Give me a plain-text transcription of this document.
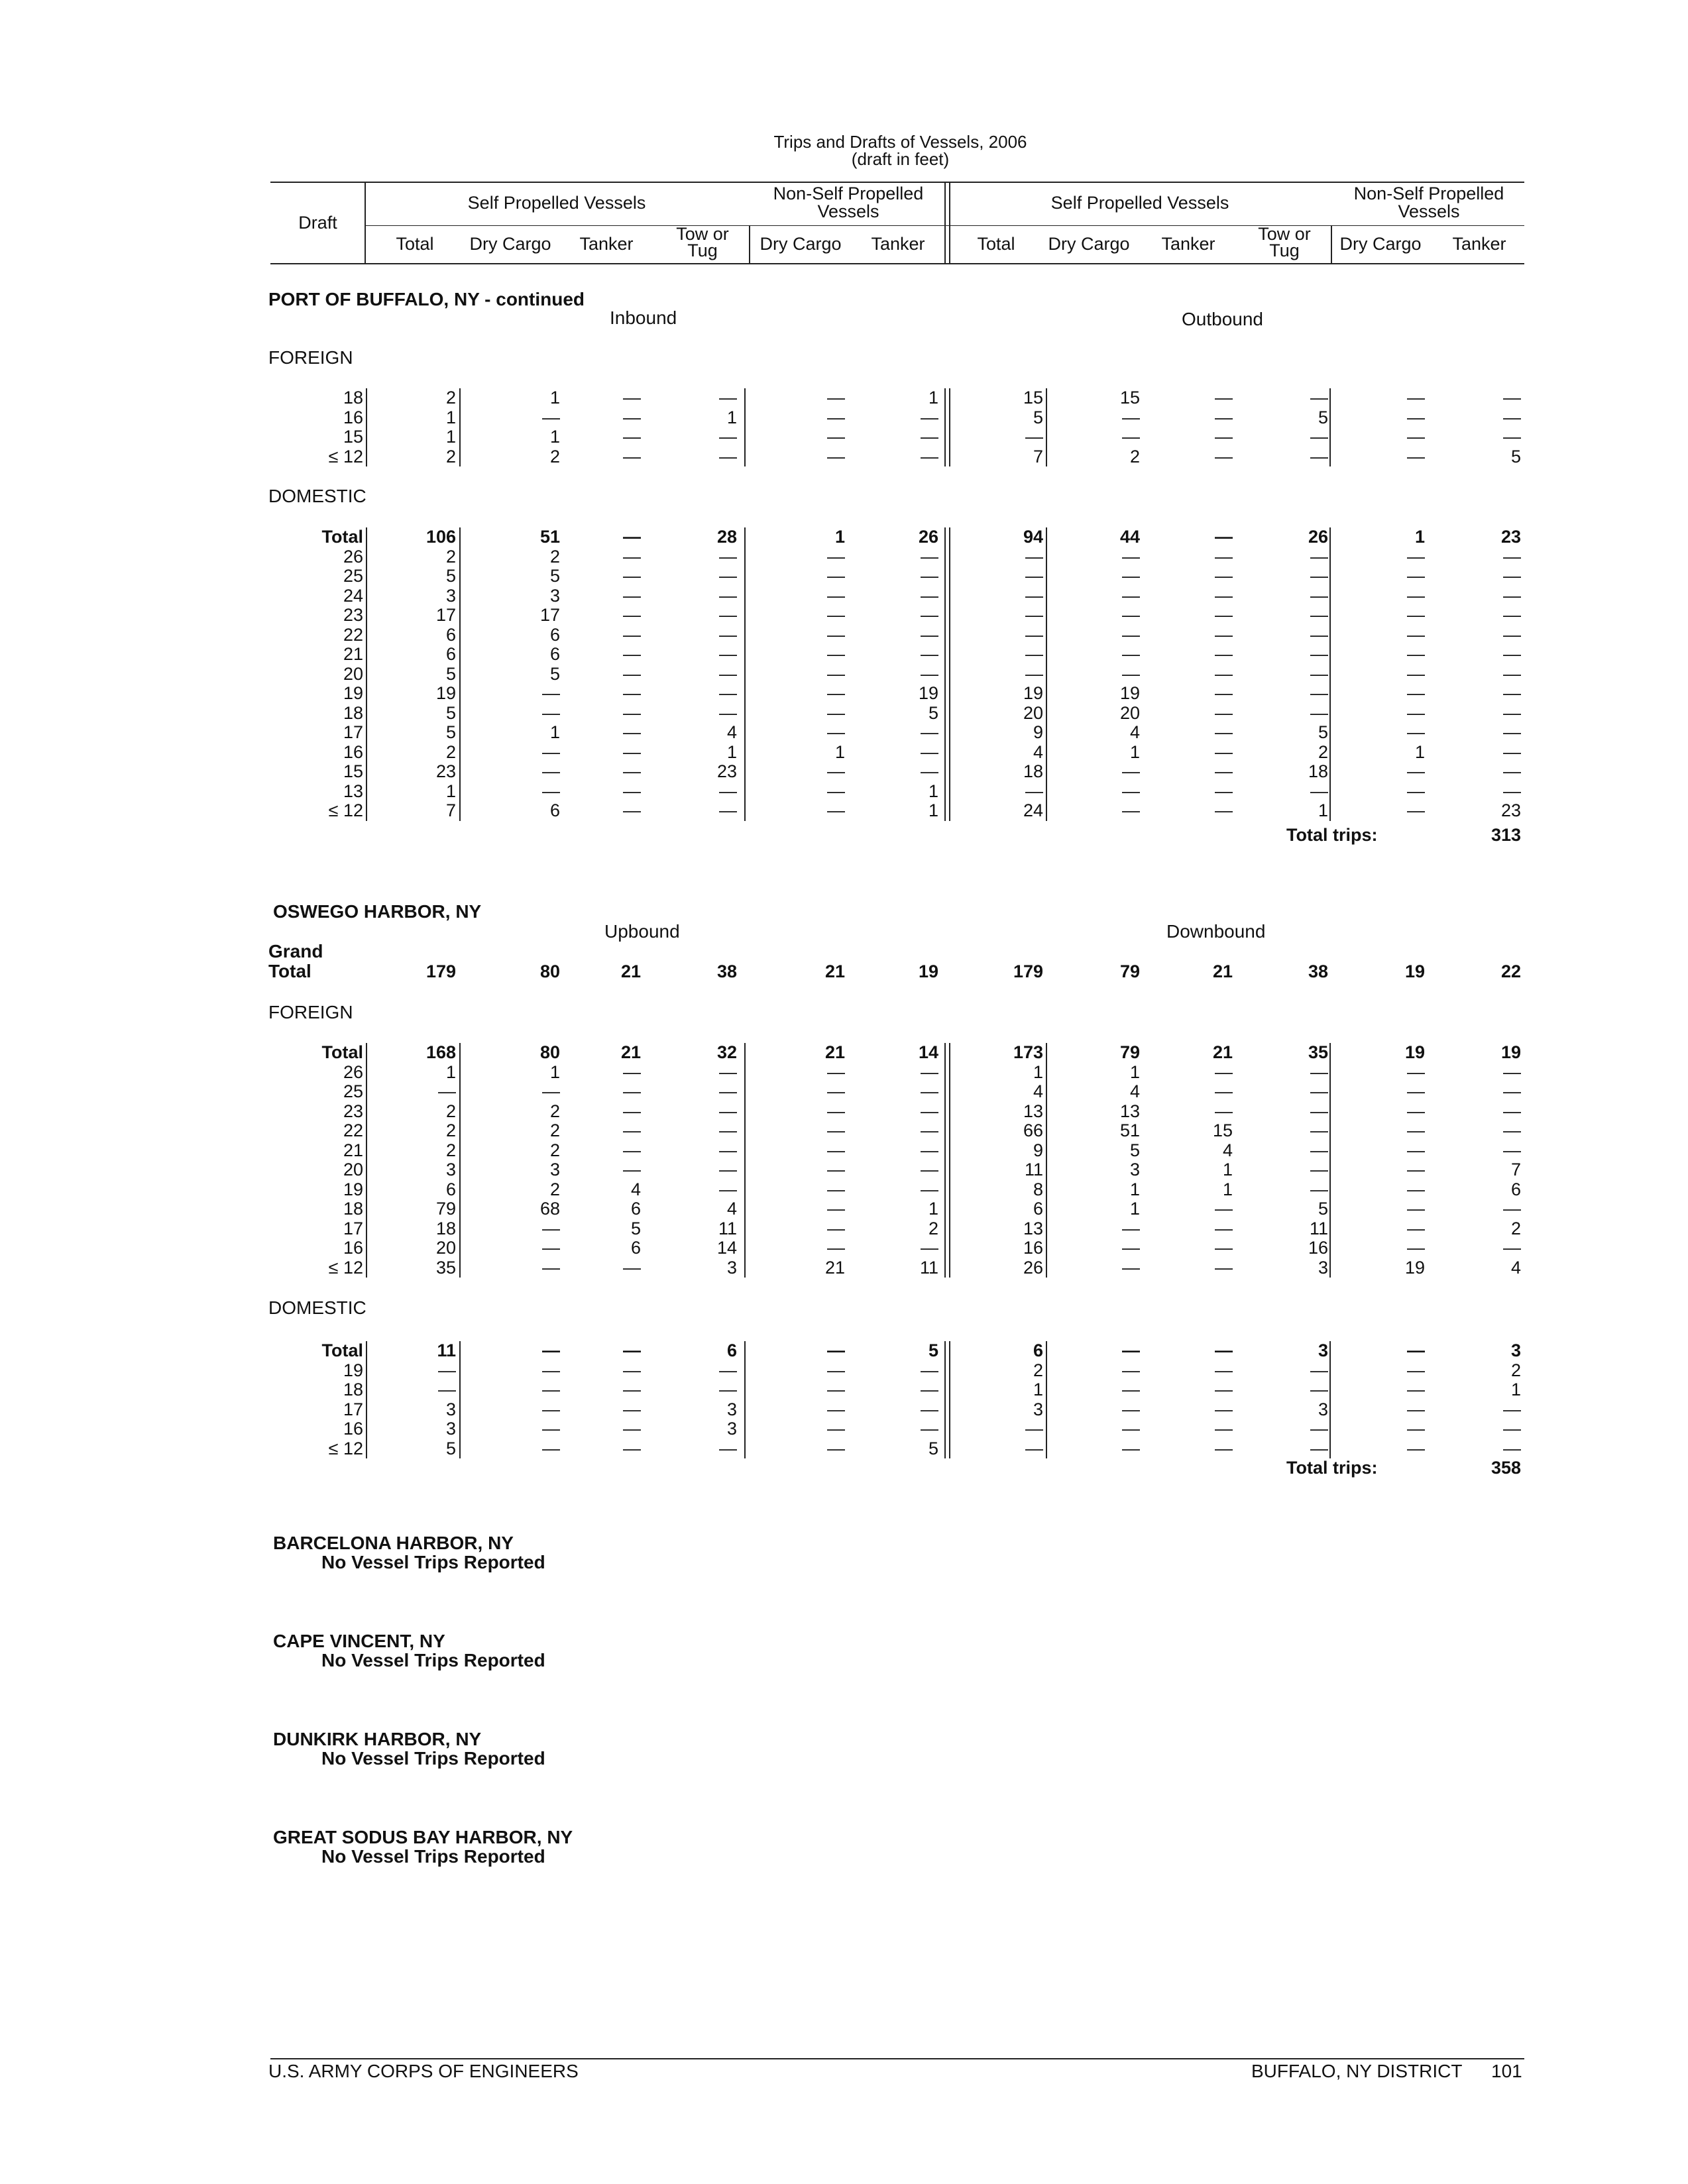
Trips and Drafts of Vessels, 2006
(draft in feet)
Draft
Self Propelled Vessels	Non-Self Propelled Vessels	Self Propelled Vessels	Non-Self Propelled Vessels
Total	Dry Cargo	Tanker	Tow or Tug	Dry Cargo	Tanker	Total	Dry Cargo	Tanker	Tow or Tug	Dry Cargo	Tanker
PORT OF BUFFALO, NY - continued
Inbound	Outbound
FOREIGN
18	2	1	—	—	—	1	15	15	—	—	—	—
16	1	—	—	1	—	—	5	—	—	5	—	—
15	1	1	—	—	—	—	—	—	—	—	—	—
≤ 12	2	2	—	—	—	—	7	2	—	—	—	5
DOMESTIC
Total	106	51	—	28	1	26	94	44	—	26	1	23
26	2	2	—	—	—	—	—	—	—	—	—	—
25	5	5	—	—	—	—	—	—	—	—	—	—
24	3	3	—	—	—	—	—	—	—	—	—	—
23	17	17	—	—	—	—	—	—	—	—	—	—
22	6	6	—	—	—	—	—	—	—	—	—	—
21	6	6	—	—	—	—	—	—	—	—	—	—
20	5	5	—	—	—	—	—	—	—	—	—	—
19	19	—	—	—	—	19	19	19	—	—	—	—
18	5	—	—	—	—	5	20	20	—	—	—	—
17	5	1	—	4	—	—	9	4	—	5	—	—
16	2	—	—	1	1	—	4	1	—	2	1	—
15	23	—	—	23	—	—	18	—	—	18	—	—
13	1	—	—	—	—	1	—	—	—	—	—	—
≤ 12	7	6	—	—	—	1	24	—	—	1	—	23
Total trips:	313
OSWEGO HARBOR, NY
Upbound	Downbound
Grand
Total	179	80	21	38	21	19	179	79	21	38	19	22
FOREIGN
Total	168	80	21	32	21	14	173	79	21	35	19	19
26	1	1	—	—	—	—	1	1	—	—	—	—
25	—	—	—	—	—	—	4	4	—	—	—	—
23	2	2	—	—	—	—	13	13	—	—	—	—
22	2	2	—	—	—	—	66	51	15	—	—	—
21	2	2	—	—	—	—	9	5	4	—	—	—
20	3	3	—	—	—	—	11	3	1	—	—	7
19	6	2	4	—	—	—	8	1	1	—	—	6
18	79	68	6	4	—	1	6	1	—	5	—	—
17	18	—	5	11	—	2	13	—	—	11	—	2
16	20	—	6	14	—	—	16	—	—	16	—	—
≤ 12	35	—	—	3	21	11	26	—	—	3	19	4
DOMESTIC
Total	11	—	—	6	—	5	6	—	—	3	—	3
19	—	—	—	—	—	—	2	—	—	—	—	2
18	—	—	—	—	—	—	1	—	—	—	—	1
17	3	—	—	3	—	—	3	—	—	3	—	—
16	3	—	—	3	—	—	—	—	—	—	—	—
≤ 12	5	—	—	—	—	5	—	—	—	—	—	—
Total trips:	358
BARCELONA HARBOR, NY
No Vessel Trips Reported
CAPE VINCENT, NY
No Vessel Trips Reported
DUNKIRK HARBOR, NY
No Vessel Trips Reported
GREAT SODUS BAY HARBOR, NY
No Vessel Trips Reported
U.S. ARMY CORPS OF ENGINEERS	BUFFALO, NY DISTRICT 101
